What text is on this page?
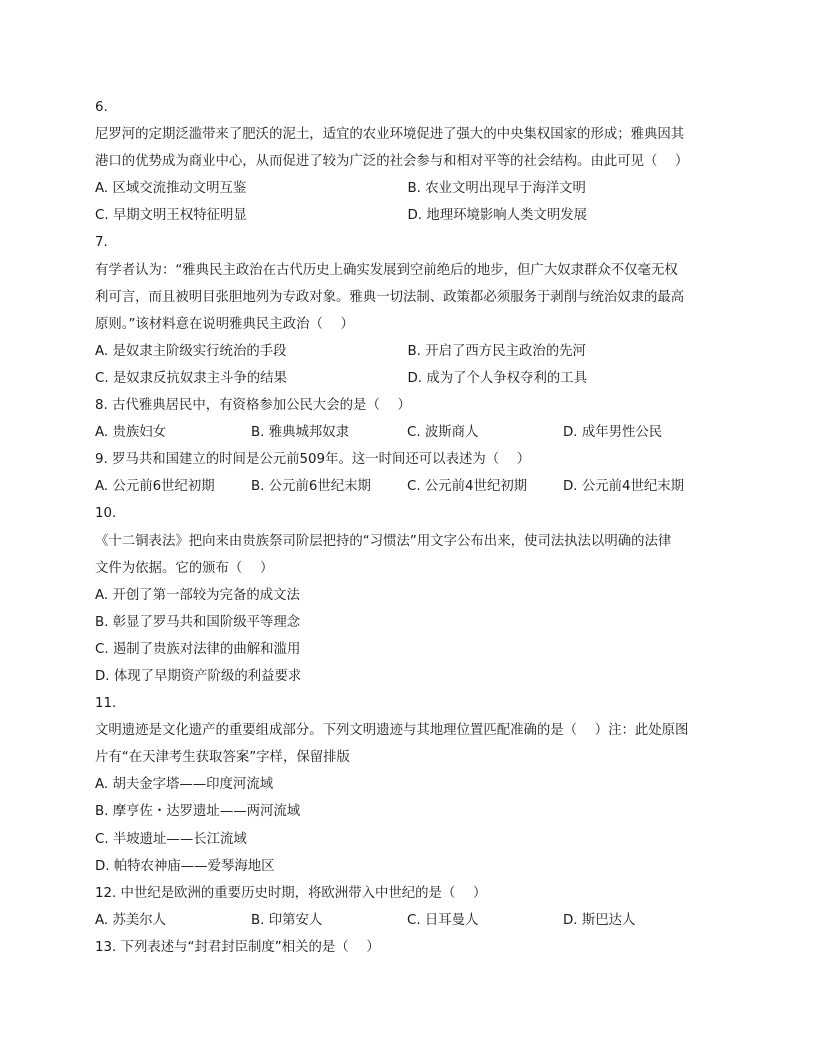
6.
尼罗河的定期泛滥带来了肥沃的泥土，适宜的农业环境促进了强大的中央集权国家的形成；雅典因其
港口的优势成为商业中心，从而促进了较为广泛的社会参与和相对平等的社会结构。由此可见（　 ）
A. 区域交流推动文明互鉴	B. 农业文明出现早于海洋文明
C. 早期文明王权特征明显	D. 地理环境影响人类文明发展
7.
有学者认为：“雅典民主政治在古代历史上确实发展到空前绝后的地步，但广大奴隶群众不仅毫无权
利可言，而且被明目张胆地列为专政对象。雅典一切法制、政策都必须服务于剥削与统治奴隶的最高
原则。”该材料意在说明雅典民主政治（　 ）
A. 是奴隶主阶级实行统治的手段	B. 开启了西方民主政治的先河
C. 是奴隶反抗奴隶主斗争的结果	D. 成为了个人争权夺利的工具
8. 古代雅典居民中，有资格参加公民大会的是（　 ）
A. 贵族妇女	B. 雅典城邦奴隶	C. 波斯商人	D. 成年男性公民
9. 罗马共和国建立的时间是公元前509年。这一时间还可以表述为（　 ）
A. 公元前6世纪初期	B. 公元前6世纪末期	C. 公元前4世纪初期	D. 公元前4世纪末期
10.
《十二铜表法》把向来由贵族祭司阶层把持的“习惯法”用文字公布出来，使司法执法以明确的法律
文件为依据。它的颁布（　 ）
A. 开创了第一部较为完备的成文法
B. 彰显了罗马共和国阶级平等理念
C. 遏制了贵族对法律的曲解和滥用
D. 体现了早期资产阶级的利益要求
11.
文明遗迹是文化遗产的重要组成部分。下列文明遗迹与其地理位置匹配准确的是（　 ）注：此处原图
片有“在天津考生获取答案”字样，保留排版
A. 胡夫金字塔——印度河流域
B. 摩亨佐・达罗遗址——两河流域
C. 半坡遗址——长江流域
D. 帕特农神庙——爱琴海地区
12. 中世纪是欧洲的重要历史时期，将欧洲带入中世纪的是（　 ）
A. 苏美尔人	B. 印第安人	C. 日耳曼人	D. 斯巴达人
13. 下列表述与“封君封臣制度”相关的是（　 ）
